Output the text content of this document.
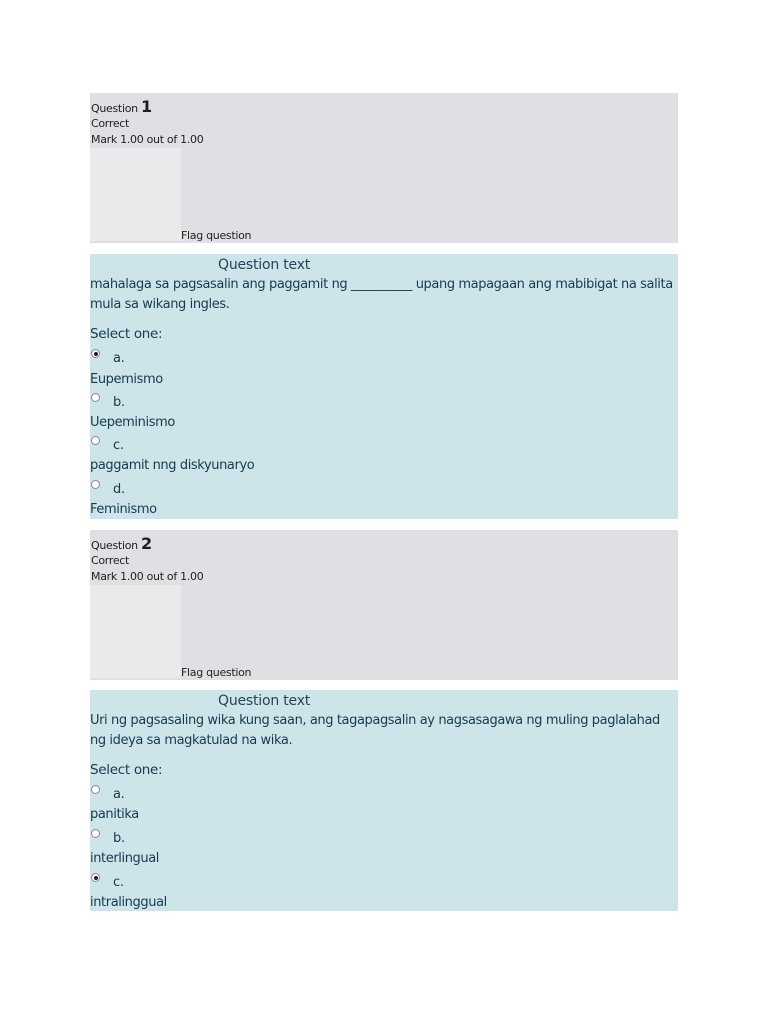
Question 1
Correct
Mark 1.00 out of 1.00
Flag question
Question text
mahalaga sa pagsasalin ang paggamit ng __________ upang mapagaan ang mabibigat na salita mula sa wikang ingles.
Select one:
a.
Eupemismo
b.
Uepeminismo
c.
paggamit nng diskyunaryo
d.
Feminismo
Question 2
Correct
Mark 1.00 out of 1.00
Flag question
Question text
Uri ng pagsasaling wika kung saan, ang tagapagsalin ay nagsasagawa ng muling paglalahad ng ideya sa magkatulad na wika.
Select one:
a.
panitika
b.
interlingual
c.
intralinggual
